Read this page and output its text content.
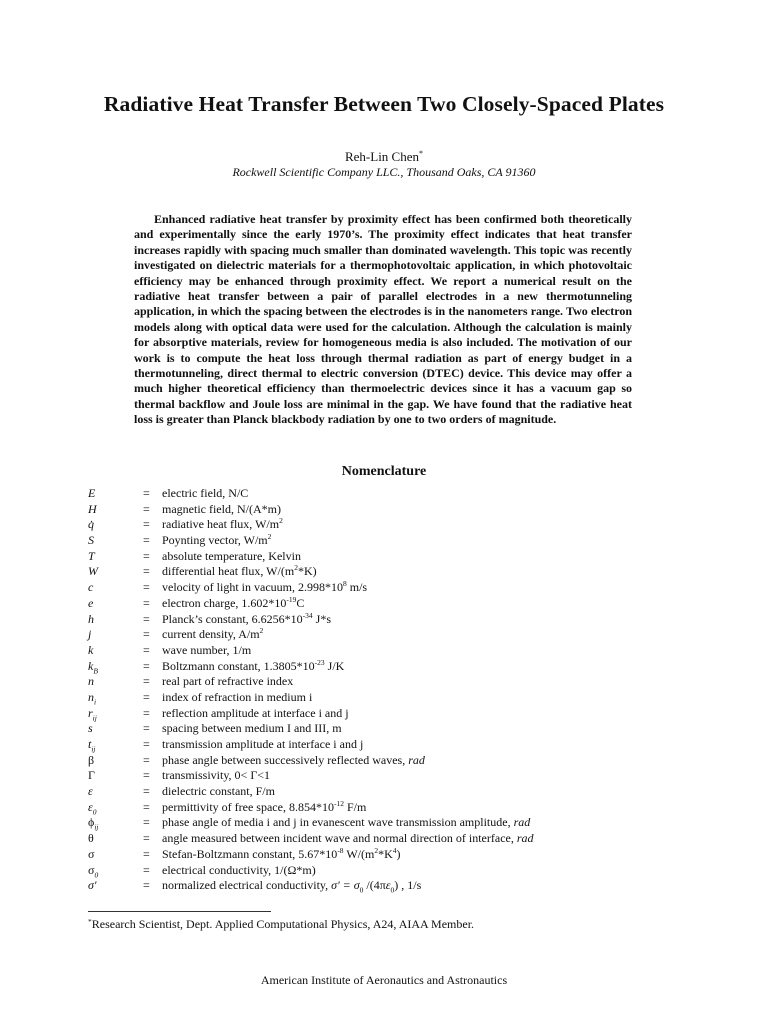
Radiative Heat Transfer Between Two Closely-Spaced Plates
Reh-Lin Chen*
Rockwell Scientific Company LLC., Thousand Oaks, CA 91360

Enhanced radiative heat transfer by proximity effect has been confirmed both theoretically and experimentally since the early 1970’s. The proximity effect indicates that heat transfer increases rapidly with spacing much smaller than dominated wavelength. This topic was recently investigated on dielectric materials for a thermophotovoltaic application, in which photovoltaic efficiency may be enhanced through proximity effect. We report a numerical result on the radiative heat transfer between a pair of parallel electrodes in a new thermotunneling application, in which the spacing between the electrodes is in the nanometers range. Two electron models along with optical data were used for the calculation. Although the calculation is mainly for absorptive materials, review for homogeneous media is also included. The motivation of our work is to compute the heat loss through thermal radiation as part of energy budget in a thermotunneling, direct thermal to electric conversion (DTEC) device. This device may offer a much higher theoretical efficiency than thermoelectric devices since it has a vacuum gap so thermal backflow and Joule loss are minimal in the gap. We have found that the radiative heat loss is greater than Planck blackbody radiation by one to two orders of magnitude.

Nomenclature
E	= electric field, N/C
H	= magnetic field, N/(A*m)
q̇	= radiative heat flux, $W/m^2$
S	= Poynting vector, $W/m^2$
T	= absolute temperature, Kelvin
W	= differential heat flux, $W/(m^2*K)$
c	= velocity of light in vacuum, $2.998*10^8$ m/s
e	= electron charge, $1.602*10^{-19}C$
h	= Planck’s constant, $6.6256*10^{-34}$ J*s
j	= current density, $A/m^2$
k	= wave number, 1/m
$k_B$	= Boltzmann constant, $1.3805*10^{-23}$ J/K
n	= real part of refractive index
$n_i$	= index of refraction in medium i
$r_{ij}$	= reflection amplitude at interface i and j
s	= spacing between medium I and III, m
$t_{ij}$	= transmission amplitude at interface i and j
β	= phase angle between successively reflected waves, rad
Γ	= transmissivity, 0< Γ<1
ε	= dielectric constant, F/m
$\varepsilon_0$	= permittivity of free space, $8.854*10^{-12}$ F/m
$\phi_{ij}$	= phase angle of media i and j in evanescent wave transmission amplitude, rad
θ	= angle measured between incident wave and normal direction of interface, rad
σ	= Stefan-Boltzmann constant, $5.67*10^{-8}$ $W/(m^2*K^4)$
$\sigma_0$	= electrical conductivity, 1/(Ω*m)
σ'	= normalized electrical conductivity, $\sigma' = \sigma_0$ $/(4\pi\varepsilon_0)$ , 1/s
*Research Scientist, Dept. Applied Computational Physics, A24, AIAA Member.
American Institute of Aeronautics and Astronautics
